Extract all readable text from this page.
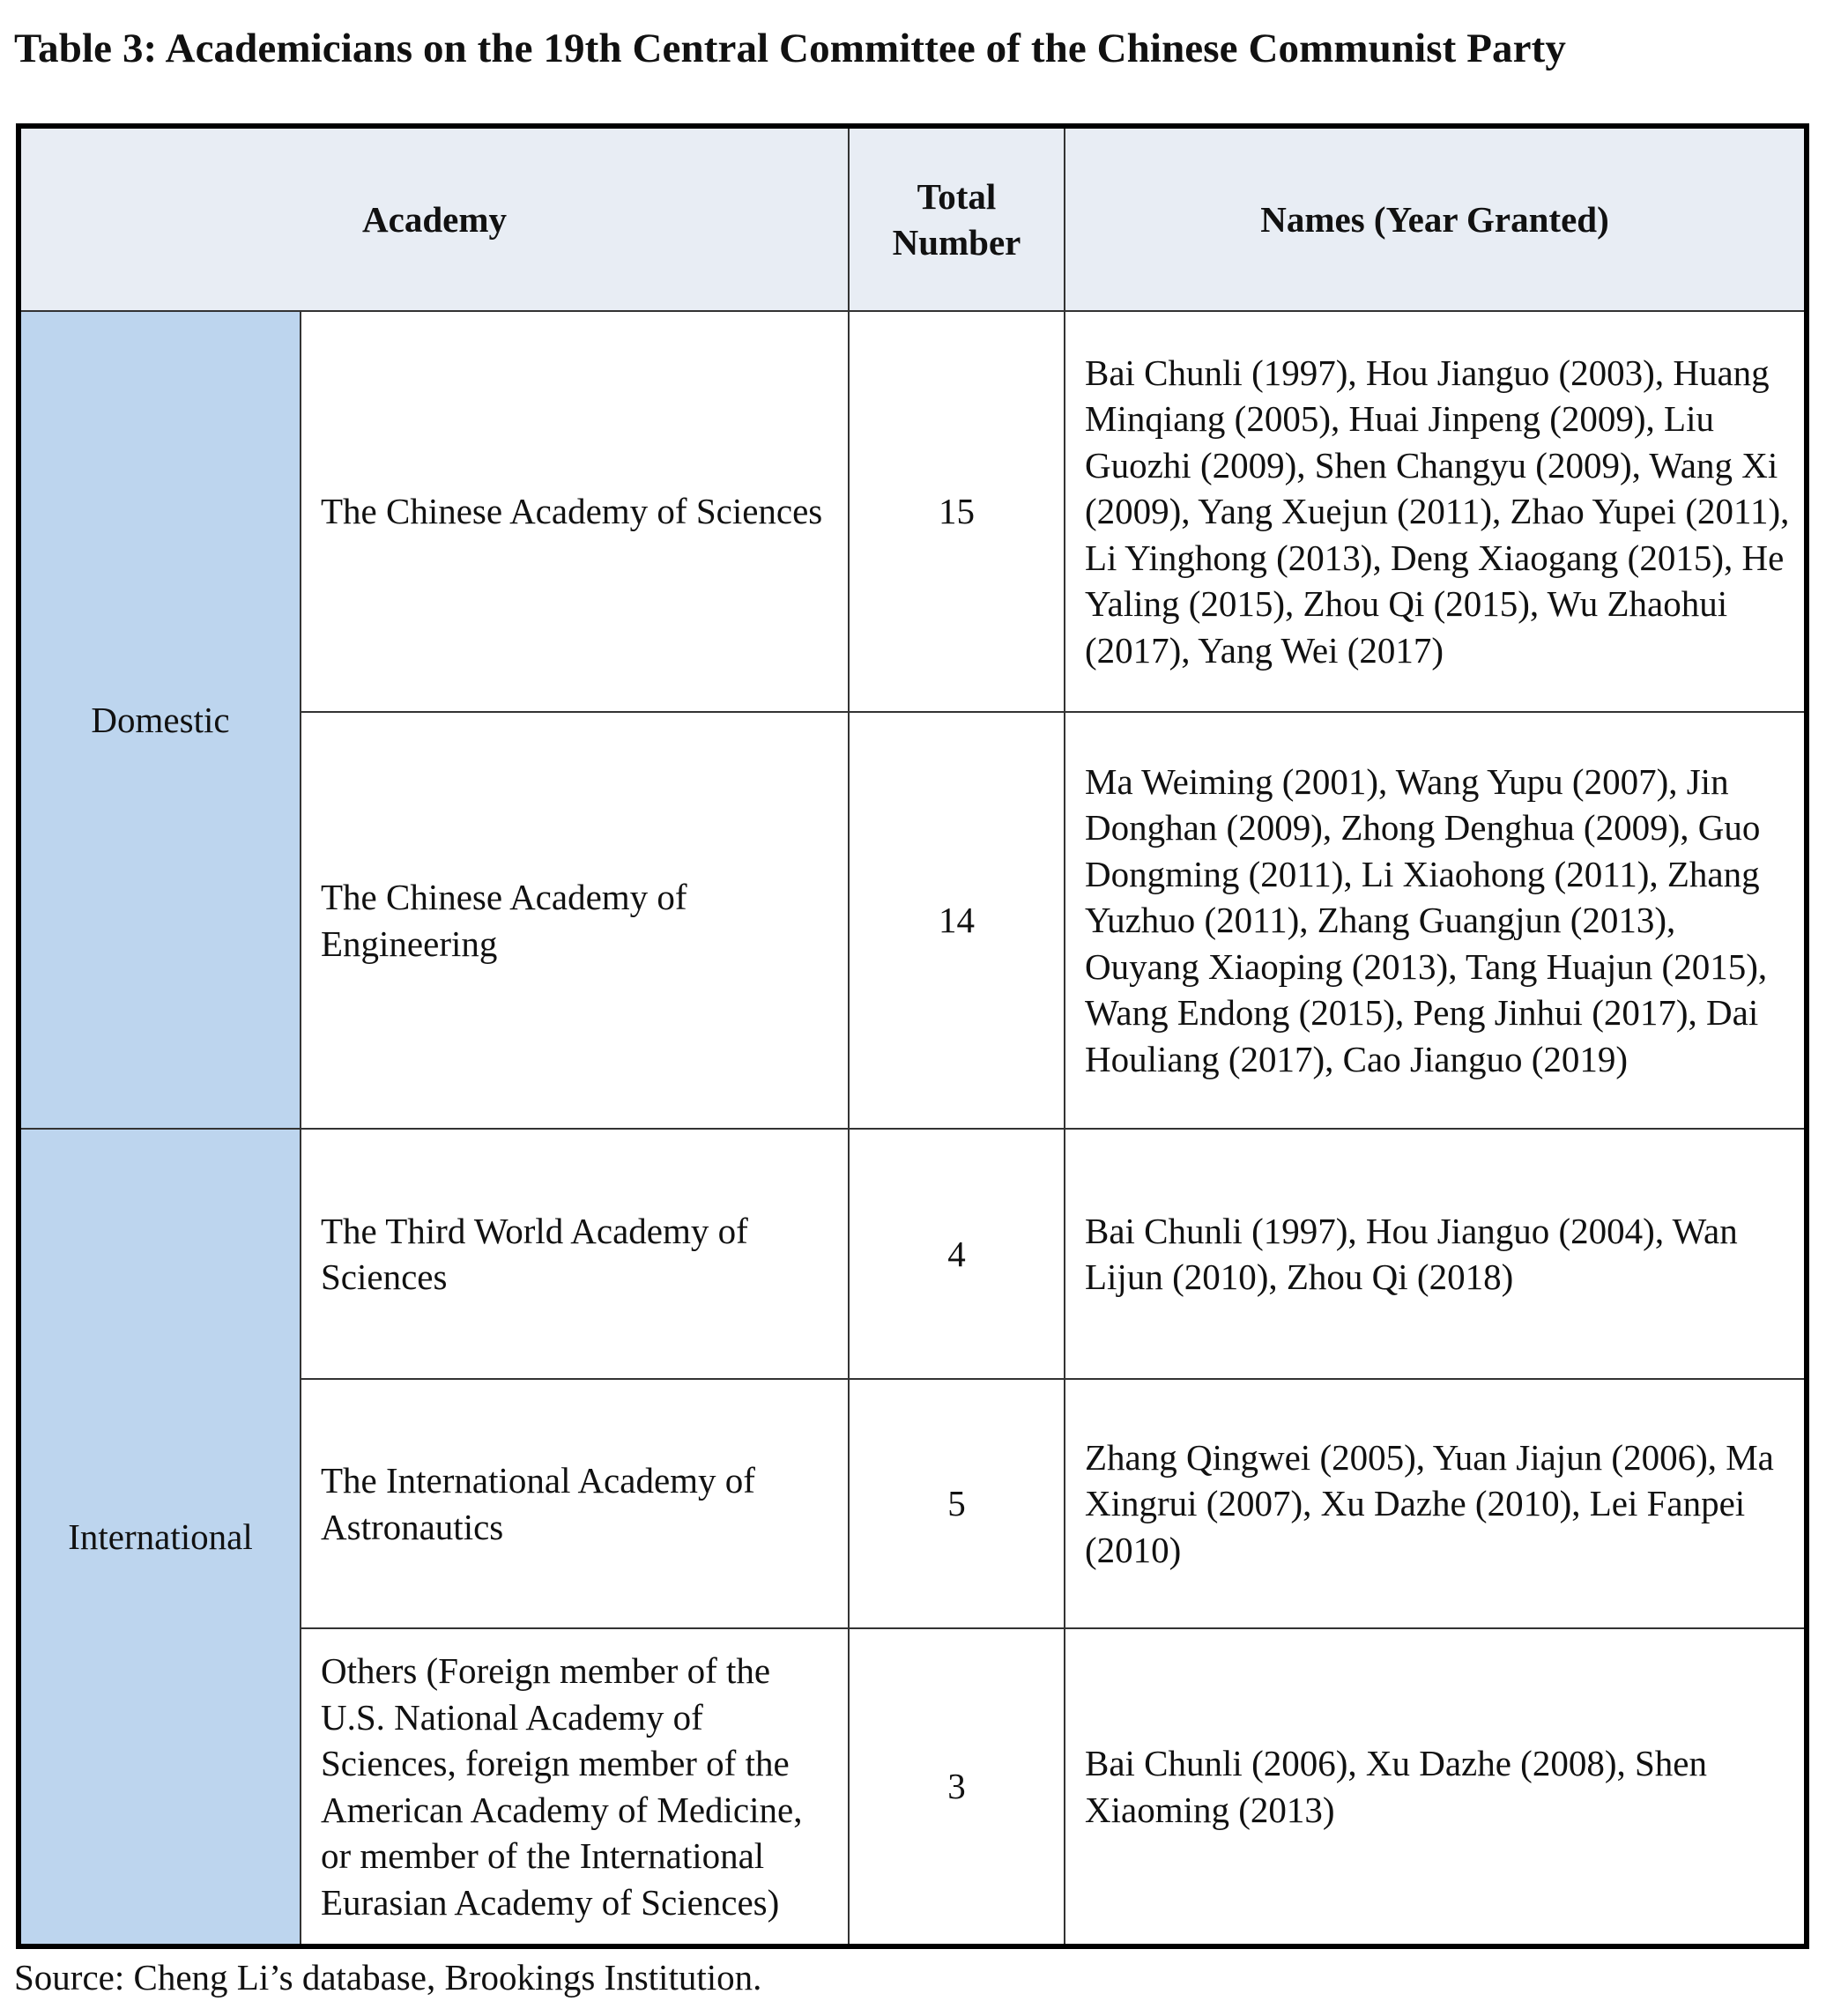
Table 3: Academicians on the 19th Central Committee of the Chinese Communist Party
Academy
Total Number
Names (Year Granted)
Domestic
International
The Chinese Academy of Sciences	15
Bai Chunli (1997), Hou Jianguo (2003), Huang Minqiang (2005), Huai Jinpeng (2009), Liu Guozhi (2009), Shen Changyu (2009), Wang Xi (2009), Yang Xuejun (2011), Zhao Yupei (2011), Li Yinghong (2013), Deng Xiaogang (2015), He Yaling (2015), Zhou Qi (2015), Wu Zhaohui (2017), Yang Wei (2017)
The Chinese Academy of Engineering
14
Ma Weiming (2001), Wang Yupu (2007), Jin Donghan (2009), Zhong Denghua (2009), Guo Dongming (2011), Li Xiaohong (2011), Zhang Yuzhuo (2011), Zhang Guangjun (2013), Ouyang Xiaoping (2013), Tang Huajun (2015), Wang Endong (2015), Peng Jinhui (2017), Dai Houliang (2017), Cao Jianguo (2019)
The Third World Academy of Sciences
4
Bai Chunli (1997), Hou Jianguo (2004), Wan Lijun (2010), Zhou Qi (2018)
The International Academy of Astronautics
5
Zhang Qingwei (2005), Yuan Jiajun (2006), Ma Xingrui (2007), Xu Dazhe (2010), Lei Fanpei (2010)
Others (Foreign member of the U.S. National Academy of Sciences, foreign member of the American Academy of Medicine, or member of the International Eurasian Academy of Sciences)
3
Bai Chunli (2006), Xu Dazhe (2008), Shen Xiaoming (2013)
Source: Cheng Li’s database, Brookings Institution.
